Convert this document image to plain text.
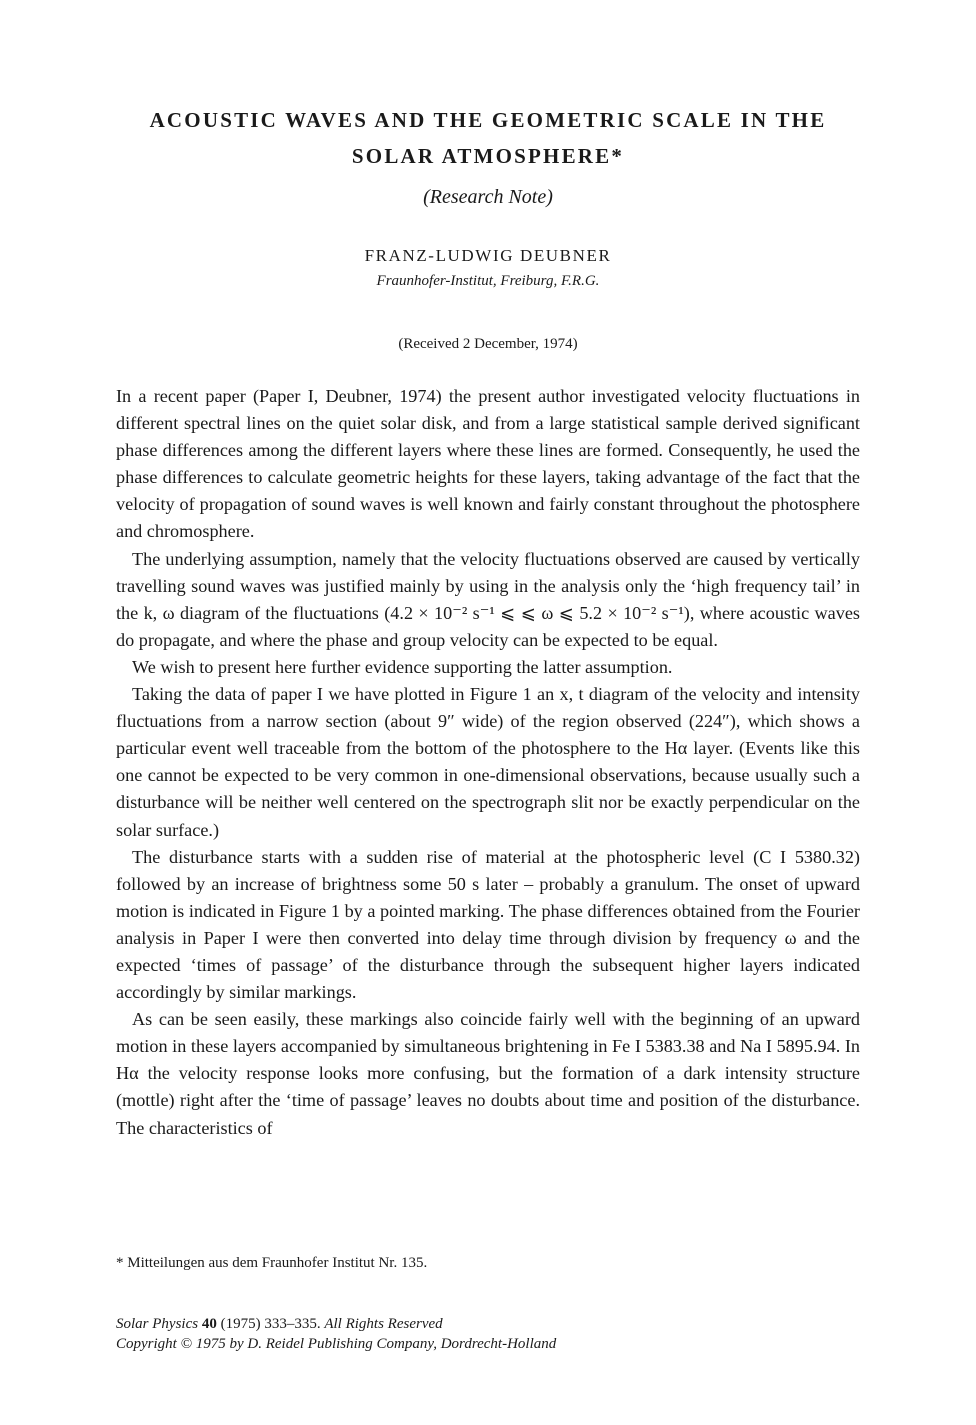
ACOUSTIC WAVES AND THE GEOMETRIC SCALE IN THE
SOLAR ATMOSPHERE*
(Research Note)
FRANZ-LUDWIG DEUBNER
Fraunhofer-Institut, Freiburg, F.R.G.
(Received 2 December, 1974)

In a recent paper (Paper I, Deubner, 1974) the present author investigated velocity fluctuations in different spectral lines on the quiet solar disk, and from a large statistical sample derived significant phase differences among the different layers where these lines are formed. Consequently, he used the phase differences to calculate geometric heights for these layers, taking advantage of the fact that the velocity of propagation of sound waves is well known and fairly constant throughout the photosphere and chromosphere.

The underlying assumption, namely that the velocity fluctuations observed are caused by vertically travelling sound waves was justified mainly by using in the analysis only the ‘high frequency tail’ in the k, ω diagram of the fluctuations (4.2 × 10⁻² s⁻¹ ⩽ ⩽ ω ⩽ 5.2 × 10⁻² s⁻¹), where acoustic waves do propagate, and where the phase and group velocity can be expected to be equal.

We wish to present here further evidence supporting the latter assumption.

Taking the data of paper I we have plotted in Figure 1 an x, t diagram of the velocity and intensity fluctuations from a narrow section (about 9″ wide) of the region observed (224″), which shows a particular event well traceable from the bottom of the photosphere to the Hα layer. (Events like this one cannot be expected to be very common in one-dimensional observations, because usually such a disturbance will be neither well centered on the spectrograph slit nor be exactly perpendicular on the solar surface.)

The disturbance starts with a sudden rise of material at the photospheric level (C I 5380.32) followed by an increase of brightness some 50 s later – probably a granulum. The onset of upward motion is indicated in Figure 1 by a pointed marking. The phase differences obtained from the Fourier analysis in Paper I were then converted into delay time through division by frequency ω and the expected ‘times of passage’ of the disturbance through the subsequent higher layers indicated accordingly by similar markings.

As can be seen easily, these markings also coincide fairly well with the beginning of an upward motion in these layers accompanied by simultaneous brightening in Fe I 5383.38 and Na I 5895.94. In Hα the velocity response looks more confusing, but the formation of a dark intensity structure (mottle) right after the ‘time of passage’ leaves no doubts about time and position of the disturbance. The characteristics of

* Mitteilungen aus dem Fraunhofer Institut Nr. 135.
Solar Physics 40 (1975) 333–335. All Rights Reserved
Copyright © 1975 by D. Reidel Publishing Company, Dordrecht-Holland
